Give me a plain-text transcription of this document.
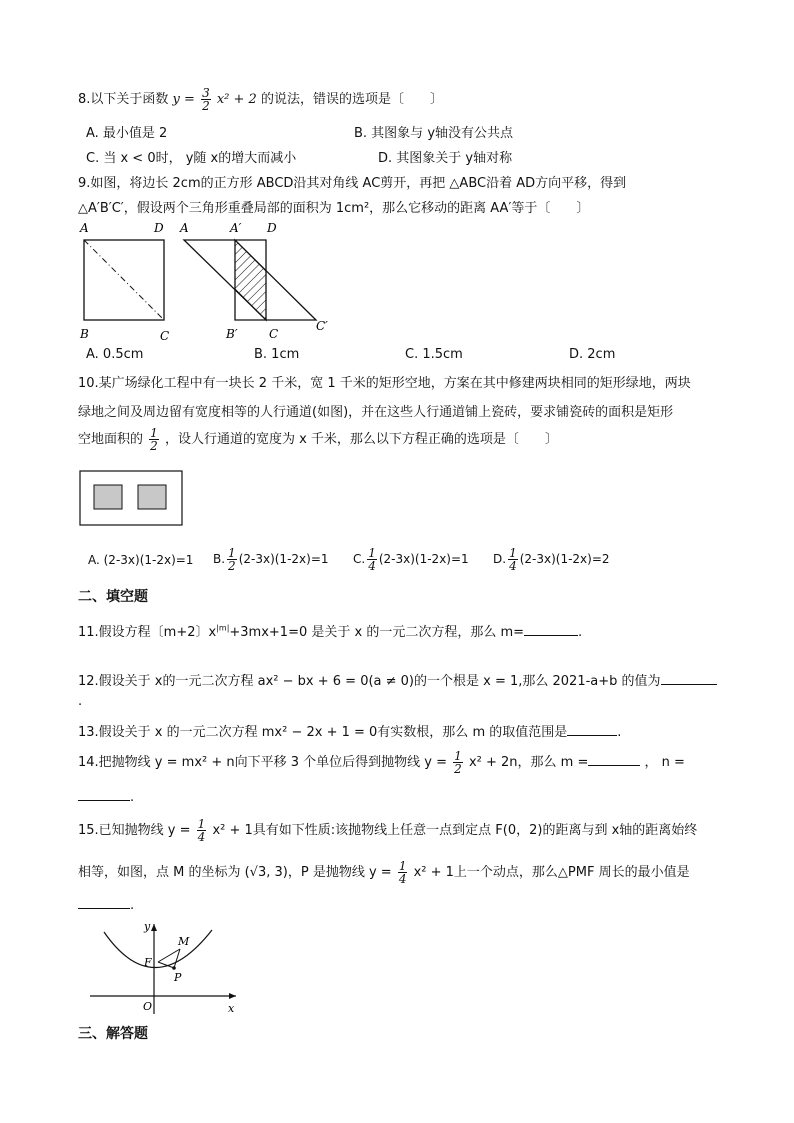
8.以下关于函数 $y = \frac{3}{2} x^2 + 2$ 的说法，错误的选项是〔　　〕
A. 最小值是 2	B. 其图象与 y轴没有公共点
C. 当 x < 0时， y随 x的增大而减小	D. 其图象关于 y轴对称
9.如图，将边长 2cm的正方形 ABCD沿其对角线 AC剪开，再把 △ABC沿着 AD方向平移，得到
△A′B′C′，假设两个三角形重叠局部的面积为 1cm²，那么它移动的距离 AA′等于〔　　〕
A	D
B	C
A	A′ D
B′	C
C′
A. 0.5cm	B. 1cm	C. 1.5cm	D. 2cm
10.某广场绿化工程中有一块长 2 千米，宽 1 千米的矩形空地，方案在其中修建两块相同的矩形绿地，两块
绿地之间及周边留有宽度相等的人行通道(如图)，并在这些人行通道铺上瓷砖，要求铺瓷砖的面积是矩形
空地面积的 $\frac{1}{2}$ ，设人行通道的宽度为 x 千米，那么以下方程正确的选项是〔　　〕
A. (2-3x)(1-2x)=1 B. $\frac{1}{2} (2-3x)(1-2x)=1$ C. $\frac{1}{4} (2-3x)(1-2x)=1$ D. $\frac{1}{4} (2-3x)(1-2x)=2$
二、填空题
11.假设方程〔m+2〕$x^{|m|}+3mx+1=0$ 是关于 x 的一元二次方程，那么 m=	.
12.假设关于 x的一元二次方程 ax² − bx + 6 = 0(a ≠ 0)的一个根是 x = 1,那么 2021-a+b 的值为
.
13.假设关于 x 的一元二次方程 mx² − 2x + 1 = 0有实数根，那么 m 的取值范围是	.
14.把抛物线 y = mx² + n向下平移 3 个单位后得到抛物线 $y = \frac{1}{2} x^2 + 2n$，那么 m =	， n =
.
15.已知抛物线 $y = \frac{1}{4} x^2 + 1$具有如下性质:该抛物线上任意一点到定点 F(0，2)的距离与到 x轴的距离始终
相等，如图，点 M 的坐标为 (√3, 3)，P 是抛物线 $y = \frac{1}{4} x^2 + 1$上一个动点，那么△PMF 周长的最小值是
.
y
M
F
P
O	x
三、解答题
